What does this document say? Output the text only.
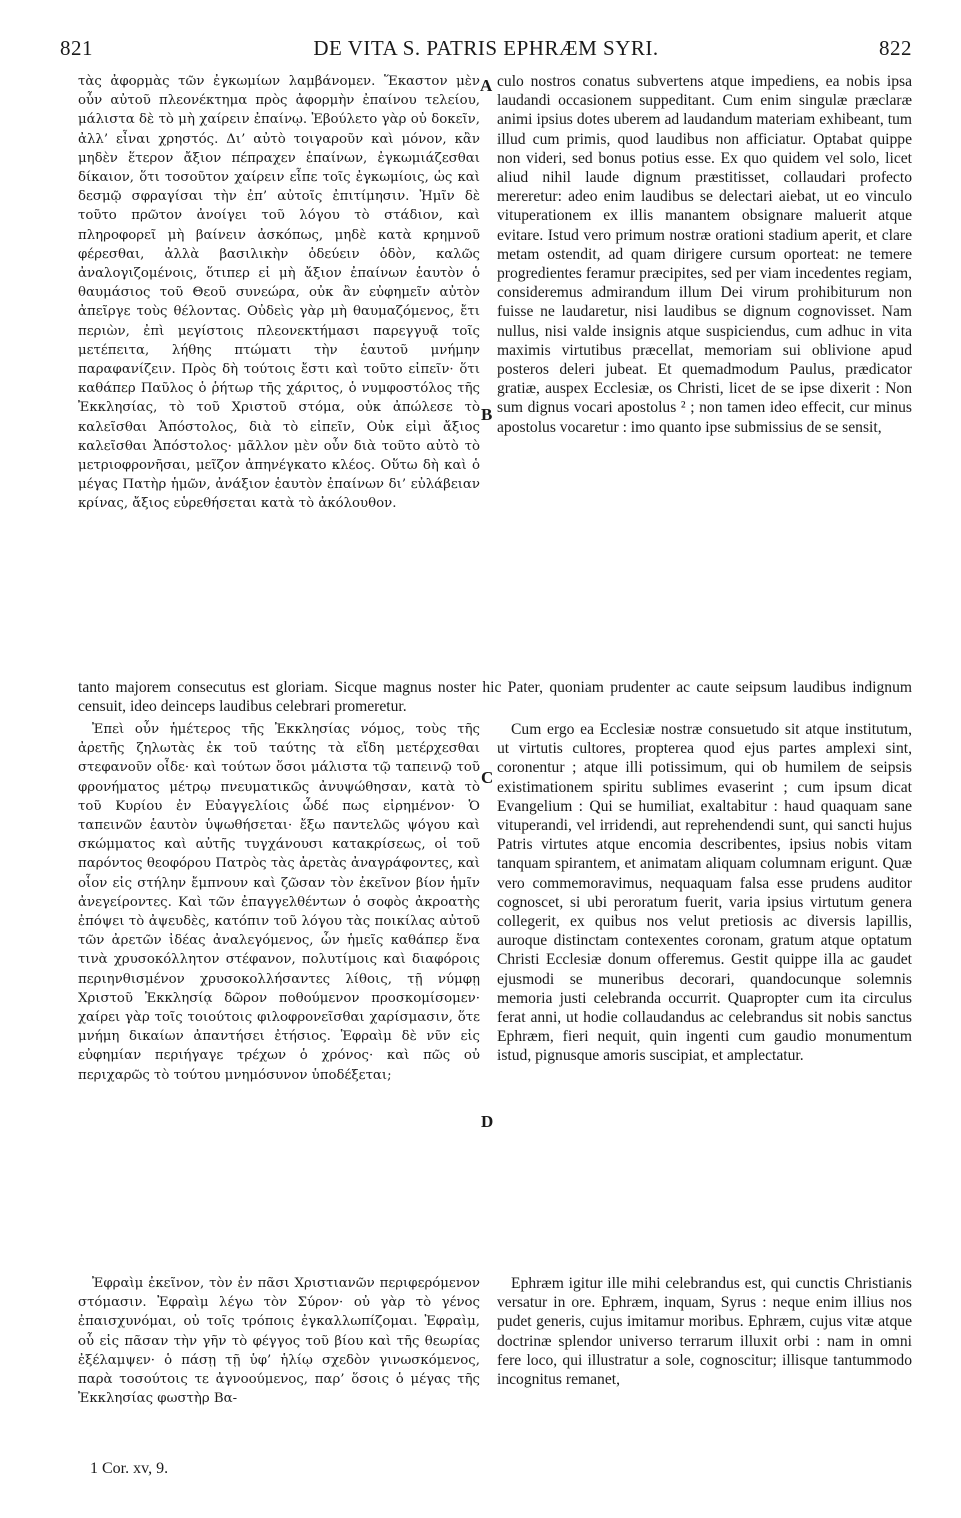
821	DE VITA S. PATRIS EPHRÆM SYRI.	822

τὰς ἀφορμὰς τῶν ἐγκωμίων λαμβάνομεν. Ἕκαστον μὲν οὖν αὐτοῦ πλεονέκτημα πρὸς ἀφορμὴν ἐπαίνου τελείου, μάλιστα δὲ τὸ μὴ χαίρειν ἐπαίνῳ. Ἐβούλετο γὰρ οὐ δοκεῖν, ἀλλ’ εἶναι χρηστός. Δι’ αὐτὸ τοιγαροῦν καὶ μόνον, κἂν μηδὲν ἕτερον ἄξιον πέπραχεν ἐπαίνων, ἐγκωμιάζεσθαι δίκαιον, ὅτι τοσοῦτον χαίρειν εἶπε τοῖς ἐγκωμίοις, ὡς καὶ δεσμῷ σφραγίσαι τὴν ἐπ’ αὐτοῖς ἐπιτίμησιν. Ἡμῖν δὲ τοῦτο πρῶτον ἀνοίγει τοῦ λόγου τὸ στάδιον, καὶ πληροφορεῖ μὴ βαίνειν ἀσκόπως, μηδὲ κατὰ κρημνοῦ φέρεσθαι, ἀλλὰ βασιλικὴν ὁδεύειν ὁδὸν, καλῶς ἀναλογιζομένοις, ὅτιπερ εἰ μὴ ἄξιον ἐπαίνων ἑαυτὸν ὁ θαυμάσιος τοῦ Θεοῦ συνεώρα, οὐκ ἂν εὐφημεῖν αὐτὸν ἀπεῖργε τοὺς θέλοντας. Οὐδεὶς γὰρ μὴ θαυμαζόμενος, ἔτι περιὼν, ἐπὶ μεγίστοις πλεονεκτήμασι παρεγγυᾷ τοῖς μετέπειτα, λήθης πτώματι τὴν ἑαυτοῦ μνήμην παραφανίζειν. Πρὸς δὴ τούτοις ἔστι καὶ τοῦτο εἰπεῖν· ὅτι καθάπερ Παῦλος ὁ ῥήτωρ τῆς χάριτος, ὁ νυμφοστόλος τῆς Ἐκκλησίας, τὸ τοῦ Χριστοῦ στόμα, οὐκ ἀπώλεσε τὸ καλεῖσθαι Ἀπόστολος, διὰ τὸ εἰπεῖν, Οὐκ εἰμὶ ἄξιος καλεῖσθαι Ἀπόστολος· μᾶλλον μὲν οὖν διὰ τοῦτο αὐτὸ τὸ μετριοφρονῆσαι, μεῖζον ἀπηνέγκατο κλέος. Οὕτω δὴ καὶ ὁ μέγας Πατὴρ ἡμῶν, ἀνάξιον ἑαυτὸν ἐπαίνων δι’ εὐλάβειαν κρίνας, ἄξιος εὑρεθήσεται κατὰ τὸ ἀκόλουθον.

culo nostros conatus subvertens atque impediens, ea nobis ipsa laudandi occasionem suppeditant. Cum enim singulæ præclaræ animi ipsius dotes uberem ad laudandum materiam exhibeant, tum illud cum primis, quod laudibus non afficiatur. Optabat quippe non videri, sed bonus potius esse. Ex quo quidem vel solo, licet aliud nihil laude dignum præstitisset, collaudari profecto mereretur: adeo enim laudibus se delectari aiebat, ut eo vinculo vituperationem ex illis manantem obsignare maluerit atque evitare. Istud vero primum nostræ orationi stadium aperit, et clare metam ostendit, ad quam dirigere cursum oporteat: ne temere progredientes feramur præcipites, sed per viam incedentes regiam, consideremus admirandum illum Dei virum prohibiturum non fuisse ne laudaretur, nisi laudibus se dignum cognovisset. Nam nullus, nisi valde insignis atque suspiciendus, cum adhuc in vita maximis virtutibus præcellat, memoriam sui oblivione apud posteros deleri jubeat. Et quemadmodum Paulus, prædicator gratiæ, auspex Ecclesiæ, os Christi, licet de se ipse dixerit : Non sum dignus vocari apostolus ² ; non tamen ideo effecit, cur minus apostolus vocaretur : imo quanto ipse submissius de se sensit,

tanto majorem consecutus est gloriam. Sicque magnus noster hic Pater, quoniam prudenter ac caute seipsum laudibus indignum censuit, ideo deinceps laudibus celebrari promeretur.

Ἐπεὶ οὖν ἡμέτερος τῆς Ἐκκλησίας νόμος, τοὺς τῆς ἀρετῆς ζηλωτὰς ἐκ τοῦ ταύτης τὰ εἴδη μετέρχεσθαι στεφανοῦν οἶδε· καὶ τούτων ὅσοι μάλιστα τῷ ταπεινῷ τοῦ φρονήματος μέτρῳ πνευματικῶς ἀνυψώθησαν, κατὰ τὸ τοῦ Κυρίου ἐν Εὐαγγελίοις ὧδέ πως εἰρημένον· Ὁ ταπεινῶν ἑαυτὸν ὑψωθήσεται· ἔξω παντελῶς ψόγου καὶ σκώμματος καὶ αὐτῆς τυγχάνουσι κατακρίσεως, οἱ τοῦ παρόντος θεοφόρου Πατρὸς τὰς ἀρετὰς ἀναγράφοντες, καὶ οἷον εἰς στήλην ἔμπνουν καὶ ζῶσαν τὸν ἐκεῖνον βίον ἡμῖν ἀνεγείροντες. Καὶ τῶν ἐπαγγελθέντων ὁ σοφὸς ἀκροατὴς ἐπόψει τὸ ἀψευδὲς, κατόπιν τοῦ λόγου τὰς ποικίλας αὐτοῦ τῶν ἀρετῶν ἰδέας ἀναλεγόμενος, ὧν ἡμεῖς καθάπερ ἕνα τινὰ χρυσοκόλλητον στέφανον, πολυτίμοις καὶ διαφόροις περιηνθισμένον χρυσοκολλήσαντες λίθοις, τῇ νύμφῃ Χριστοῦ Ἐκκλησίᾳ δῶρον ποθούμενον προσκομίσομεν· χαίρει γὰρ τοῖς τοιούτοις φιλοφρονεῖσθαι χαρίσμασιν, ὅτε μνήμη δικαίων ἀπαντήσει ἐτήσιος. Ἐφραὶμ δὲ νῦν εἰς εὐφημίαν περιήγαγε τρέχων ὁ χρόνος· καὶ πῶς οὐ περιχαρῶς τὸ τούτου μνημόσυνον ὑποδέξεται;

Cum ergo ea Ecclesiæ nostræ consuetudo sit atque institutum, ut virtutis cultores, propterea quod ejus partes amplexi sint, coronentur ; atque illi potissimum, qui ob humilem de seipsis existimationem spiritu sublimes evaserint ; cum ipsum dicat Evangelium : Qui se humiliat, exaltabitur : haud quaquam sane vituperandi, vel irridendi, aut reprehendendi sunt, qui sancti hujus Patris virtutes atque encomia describentes, ipsius nobis vitam tanquam spirantem, et animatam aliquam columnam erigunt. Quæ vero commemoravimus, nequaquam falsa esse prudens auditor cognoscet, si ubi peroratum fuerit, varia ipsius virtutum genera collegerit, ex quibus nos velut pretiosis ac diversis lapillis, auroque distinctam contexentes coronam, gratum atque optatum Christi Ecclesiæ donum offeremus. Gestit quippe illa ac gaudet ejusmodi se muneribus decorari, quandocunque solemnis memoria justi celebranda occurrit. Quapropter cum ita circulus ferat anni, ut hodie collaudandus ac celebrandus sit nobis sanctus Ephræm, fieri nequit, quin ingenti cum gaudio monumentum istud, pignusque amoris suscipiat, et amplectatur.

Ἐφραὶμ ἐκεῖνον, τὸν ἐν πᾶσι Χριστιανῶν περιφερόμενον στόμασιν. Ἐφραὶμ λέγω τὸν Σύρον· οὐ γὰρ τὸ γένος ἐπαισχυνόμαι, οὐ τοῖς τρόποις ἐγκαλλωπίζομαι. Ἐφραὶμ, οὗ εἰς πᾶσαν τὴν γῆν τὸ φέγγος τοῦ βίου καὶ τῆς θεωρίας ἐξέλαμψεν· ὁ πάσῃ τῇ ὑφ’ ἡλίῳ σχεδὸν γινωσκόμενος, παρὰ τοσούτοις τε ἀγνοούμενος, παρ’ ὅσοις ὁ μέγας τῆς Ἐκκλησίας φωστὴρ Βα-

Ephræm igitur ille mihi celebrandus est, qui cunctis Christianis versatur in ore. Ephræm, inquam, Syrus : neque enim illius nos pudet generis, cujus imitamur moribus. Ephræm, cujus vitæ atque doctrinæ splendor universo terrarum illuxit orbi : nam in omni fere loco, qui illustratur a sole, cognoscitur; illisque tantummodo incognitus remanet,

A
B
C
D
1 Cor. xv, 9.
